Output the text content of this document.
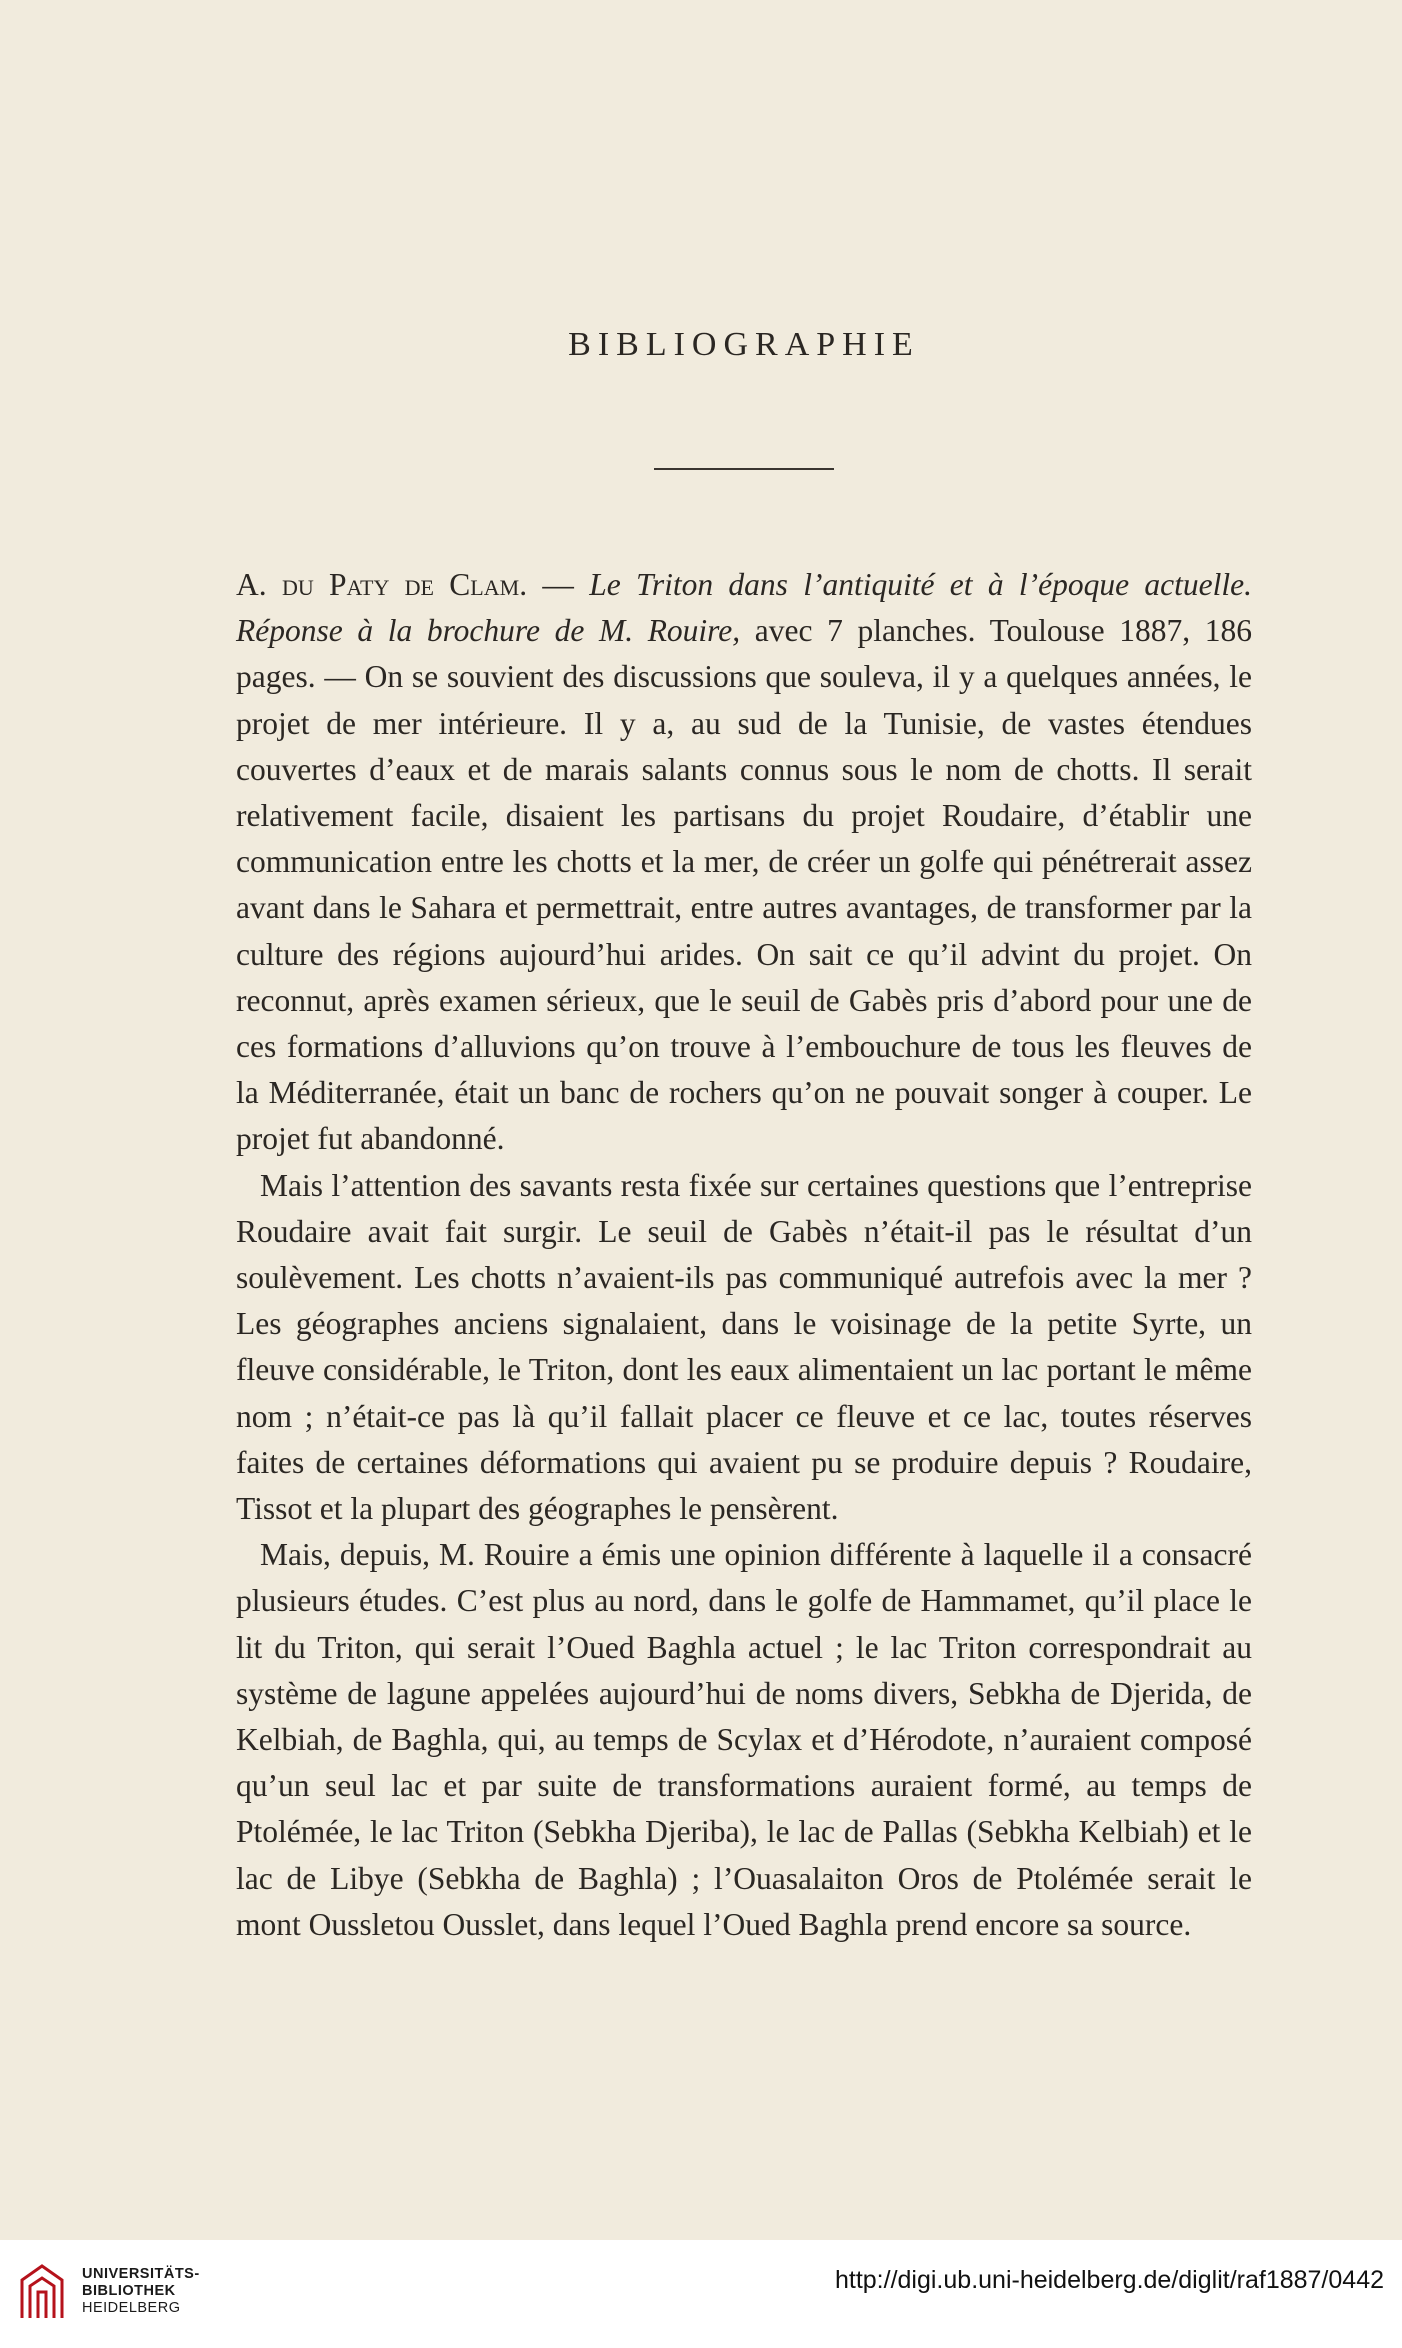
BIBLIOGRAPHIE

A. du Paty de Clam. — Le Triton dans l’antiquité et à l’époque actuelle. Réponse à la brochure de M. Rouire, avec 7 planches. Toulouse 1887, 186 pages. — On se souvient des discussions que souleva, il y a quelques années, le projet de mer intérieure. Il y a, au sud de la Tunisie, de vastes étendues couvertes d’eaux et de marais salants connus sous le nom de chotts. Il serait relativement facile, disaient les partisans du projet Roudaire, d’établir une communication entre les chotts et la mer, de créer un golfe qui pénétrerait assez avant dans le Sahara et permettrait, entre autres avantages, de transformer par la culture des régions aujourd’hui arides. On sait ce qu’il advint du projet. On reconnut, après examen sérieux, que le seuil de Gabès pris d’abord pour une de ces formations d’alluvions qu’on trouve à l’embouchure de tous les fleuves de la Méditerranée, était un banc de rochers qu’on ne pouvait songer à couper. Le projet fut abandonné.

Mais l’attention des savants resta fixée sur certaines questions que l’entreprise Roudaire avait fait surgir. Le seuil de Gabès n’était-il pas le résultat d’un soulèvement. Les chotts n’avaient-ils pas communiqué autrefois avec la mer ? Les géographes anciens signalaient, dans le voisinage de la petite Syrte, un fleuve considérable, le Triton, dont les eaux alimentaient un lac portant le même nom ; n’était-ce pas là qu’il fallait placer ce fleuve et ce lac, toutes réserves faites de certaines déformations qui avaient pu se produire depuis ? Roudaire, Tissot et la plupart des géographes le pensèrent.

Mais, depuis, M. Rouire a émis une opinion différente à laquelle il a consacré plusieurs études. C’est plus au nord, dans le golfe de Hammamet, qu’il place le lit du Triton, qui serait l’Oued Baghla actuel ; le lac Triton correspondrait au système de lagune appelées aujourd’hui de noms divers, Sebkha de Djerida, de Kelbiah, de Baghla, qui, au temps de Scylax et d’Hérodote, n’auraient composé qu’un seul lac et par suite de transformations auraient formé, au temps de Ptolémée, le lac Triton (Sebkha Djeriba), le lac de Pallas (Sebkha Kelbiah) et le lac de Libye (Sebkha de Baghla) ; l’Ouasalaiton Oros de Ptolémée serait le mont Oussletou Ousslet, dans lequel l’Oued Baghla prend encore sa source.

UNIVERSITÄTS-
BIBLIOTHEK
HEIDELBERG
http://digi.ub.uni-heidelberg.de/diglit/raf1887/0442
